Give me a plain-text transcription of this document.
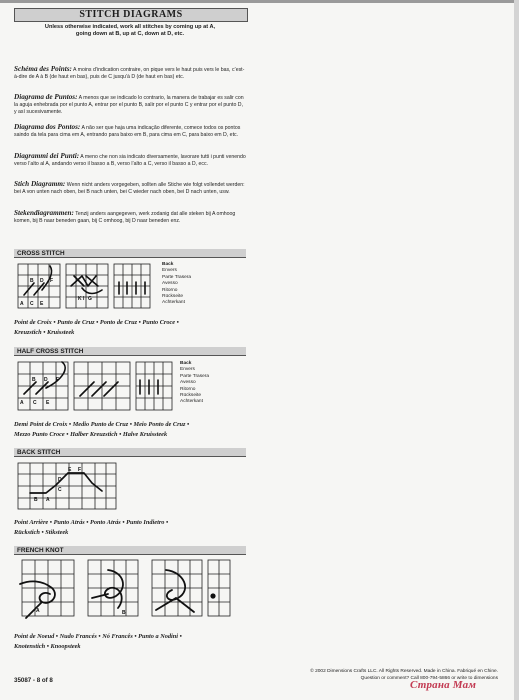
STITCH DIAGRAMS
Unless otherwise indicated, work all stitches by coming up at A,
going down at B, up at C, down at D, etc.
Schéma des Points: A moins d’indication contraire, on pique vers le haut puis vers le bas, c’est-à-dire de A à B (de haut en bas), puis de C jusqu’à D (de haut en bas) etc.
Diagrama de Puntos: A menos que se indicado lo contrario, la manera de trabajar es salir con la aguja enhebrada por el punto A, entrar por el punto B, salir por el punto C y entrar por el punto D, y así sucesivamente.
Diagrama dos Pontos: A não ser que haja uma indicação diferente, comece todos os pontos saindo da tela para cima em A, entrando para baixo em B, para cima em C, para baixo em D, etc.
Diagrammi dei Punti: A meno che non sia indicato diversamente, lavorare tutti i punti venendo verso l’alto al A, andando verso il basso a B, verso l’alto a C, verso il basso a D, ecc.
Stich Diagramm: Wenn nicht anders vorgegeben, sollten alle Stiche wie folgt vollendet werden: bei A von unten nach oben, bei B nach unten, bei C wieder nach oben, bei D nach unten, usw.
Stekendiagrammen: Tenzij anders aangegeven, werk zodanig dat alle steken bij A omhoog komen, bij B naar beneden gaan, bij C omhoog, bij D naar beneden enz.
CROSS STITCH
A C E
B D F
G
K I
Back
Envers
Parte Trasera
Avesso
Ritorno
Rückseite
Achterkant
Point de Croix • Punto de Cruz • Ponto de Cruz • Punto Croce •
Kreuzstich • Kruissteek
HALF CROSS STITCH
A C E
B D F
Back
Envers
Parte Trasera
Avesso
Ritorno
Rückseite
Achterkant
Demi Point de Croix • Medio Punto de Cruz • Meio Ponto de Cruz •
Mezzo Punto Croce • Halber Kreuzstich • Halve Kruissteek
BACK STITCH
A
B
C
D
E F
Point Arrière • Punto Atrás • Ponto Atrás • Punto Indietro •
Rückstich • Stiksteek
FRENCH KNOT
A	B
Point de Noeud • Nudo Francés • Nó Francês • Punto a Nodini •
Knotenstich • Knoopsteek
© 2002 Dimensions Crafts LLC. All Rights Reserved. Made in China. Fabriqué en Chine.
Question or comment? Call 800-794-5866 or write to dimensions
35087 - 8 of 8	Страна Мам
